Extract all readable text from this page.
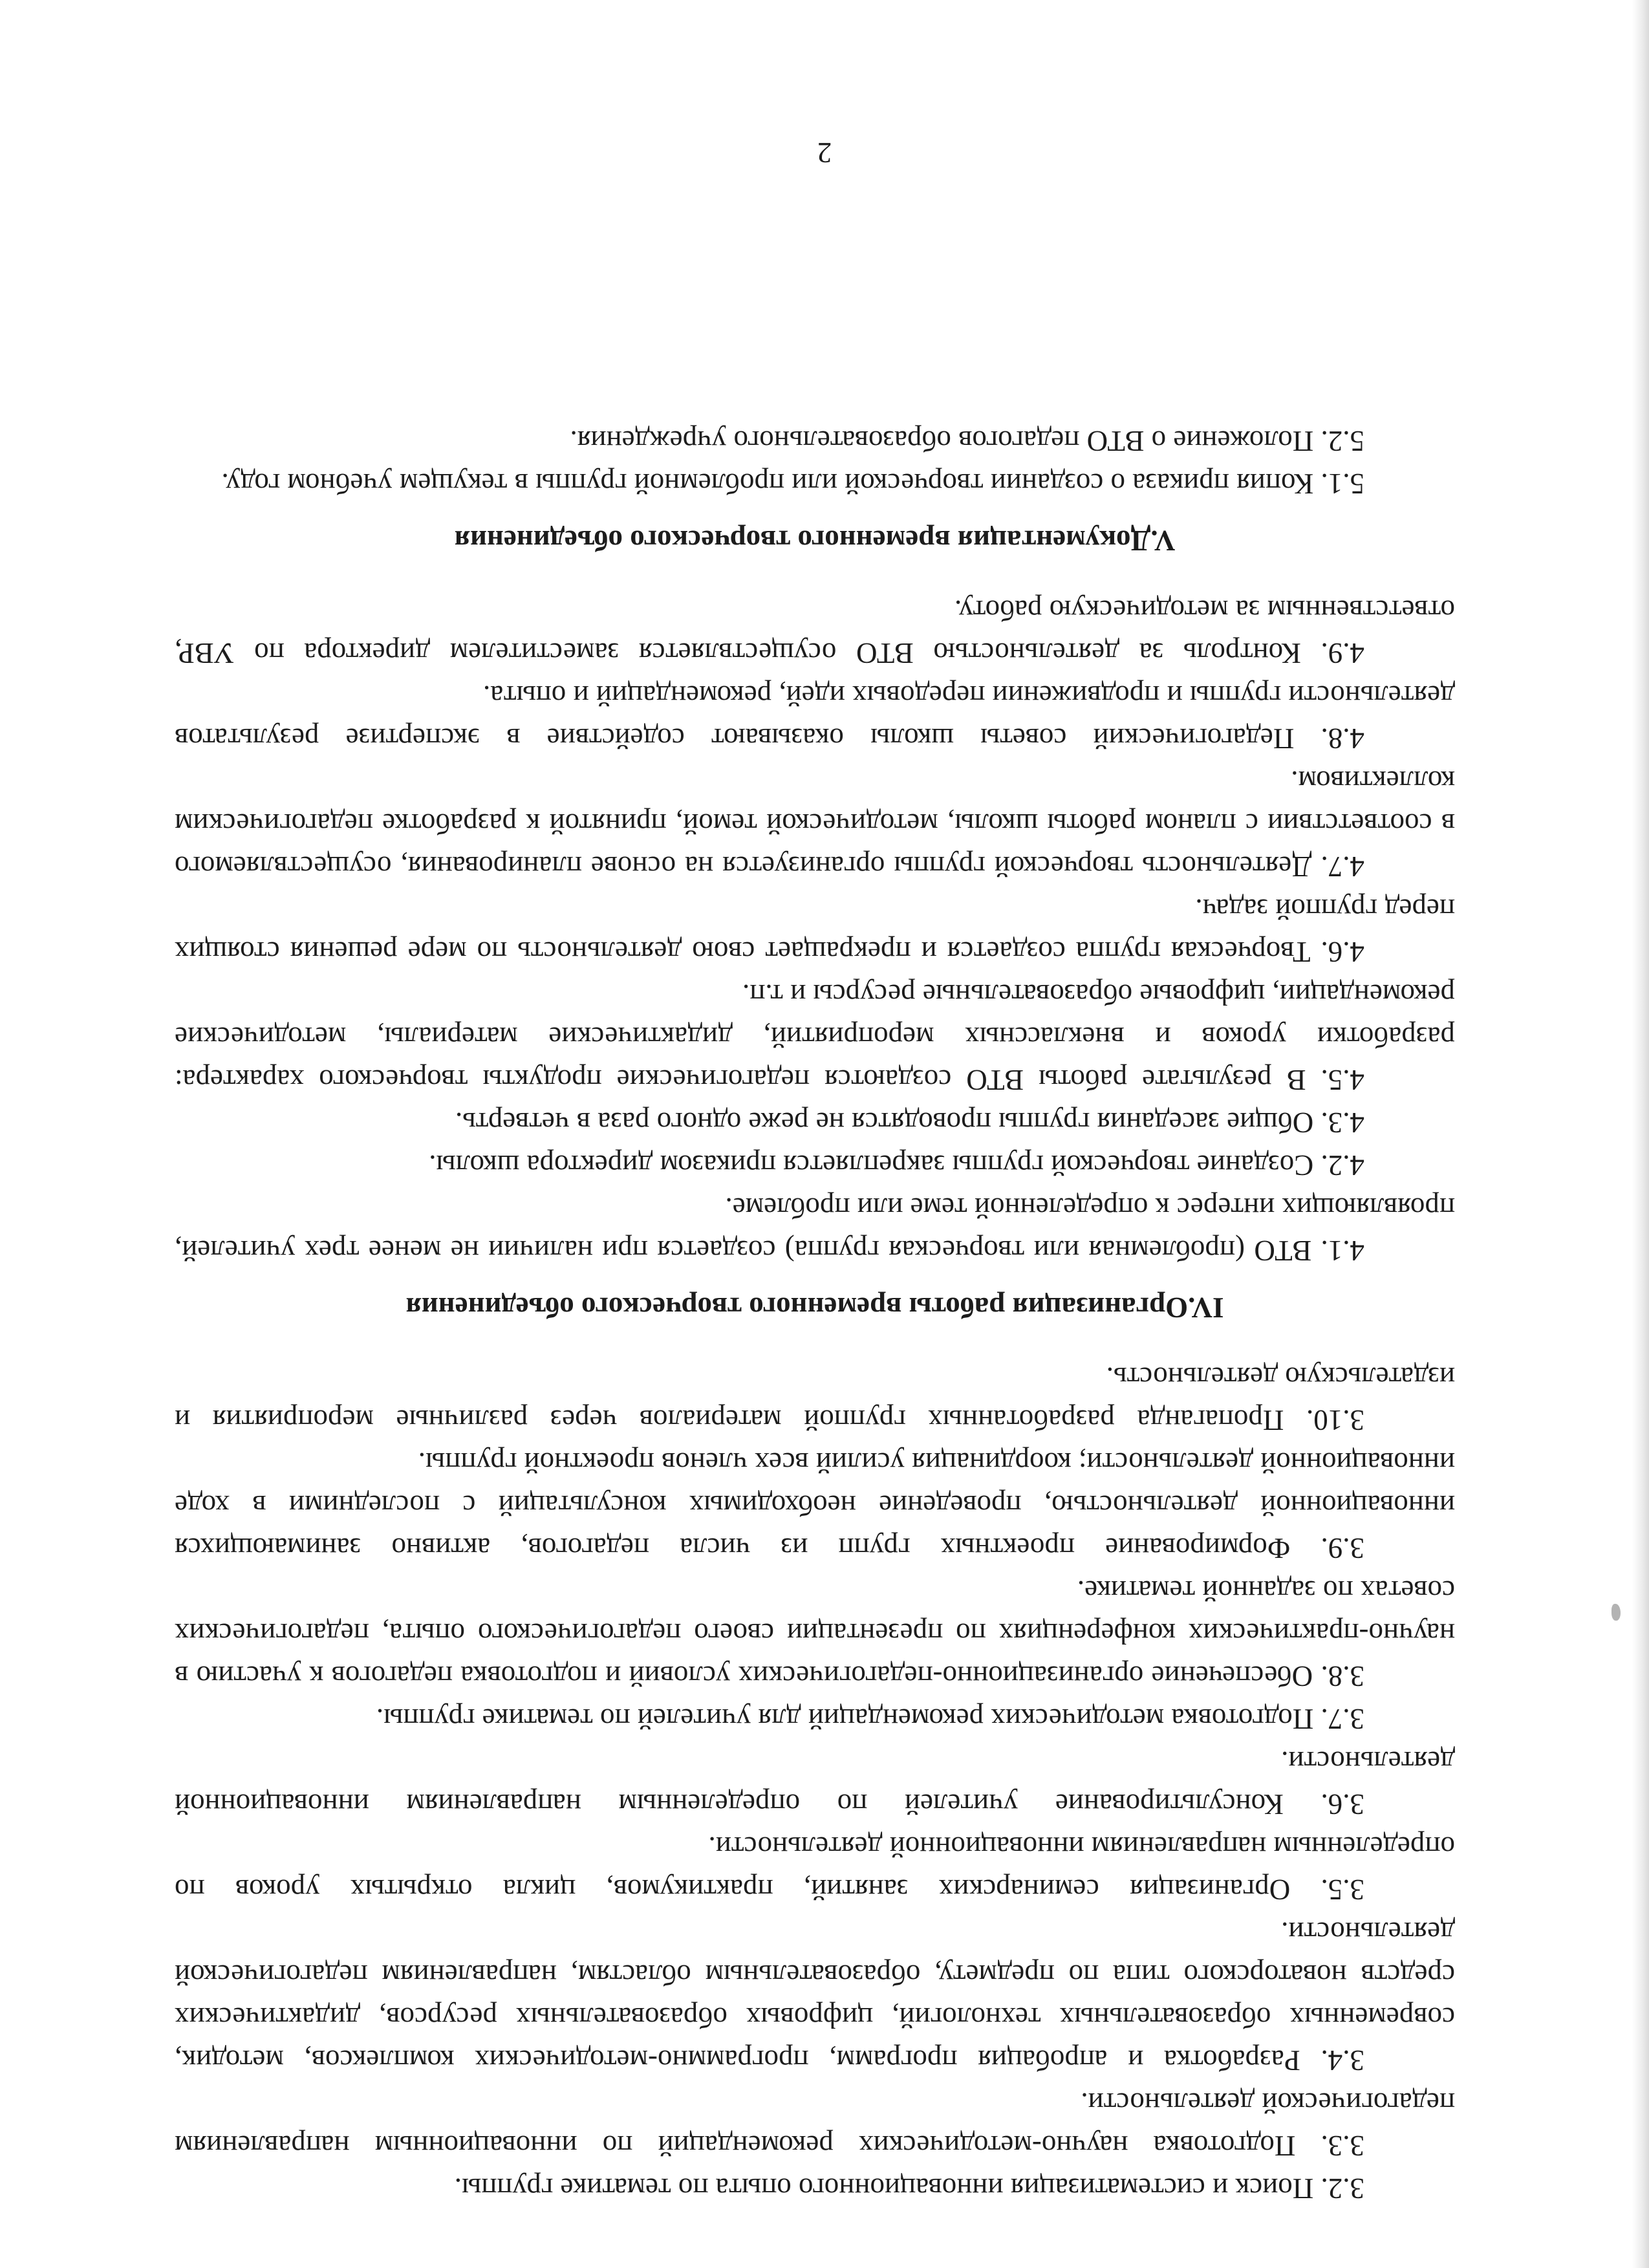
3.2. Поиск и систематизация инновационного опыта по тематике группы.

3.3. Подготовка научно-методических рекомендаций по инновационным направлениям педагогической деятельности.

3.4. Разработка и апробация программ, программно-методических комплексов, методик, современных образовательных технологий, цифровых образовательных ресурсов, дидактических средств новаторского типа по предмету, образовательным областям, направлениям педагогической деятельности.

3.5. Организация семинарских занятий, практикумов, цикла открытых уроков по определенным направлениям инновационной деятельности.

3.6. Консультирование учителей по определенным направлениям инновационной деятельности.

3.7. Подготовка методических рекомендаций для учителей по тематике группы.

3.8. Обеспечение организационно-педагогических условий и подготовка педагогов к участию в научно-практических конференциях по презентации своего педагогического опыта, педагогических советах по заданной тематике.

3.9. Формирование проектных групп из числа педагогов, активно занимающихся инновационной деятельностью, проведение необходимых консультаций с последними в ходе инновационной деятельности; координация усилий всех членов проектной группы.

3.10. Пропаганда разработанных группой материалов через различные мероприятия и издательскую деятельность.

IV.Организация работы временного творческого объединения

4.1. ВТО (проблемная или творческая группа) создается при наличии не менее трех учителей, проявляющих интерес к определенной теме или проблеме.

4.2. Создание творческой группы закрепляется приказом директора школы.

4.3. Общие заседания группы проводятся не реже одного раза в четверть.

4.5. В результате работы ВТО создаются педагогические продукты творческого характера: разработки уроков и внеклассных мероприятий, дидактические материалы, методические рекомендации, цифровые образовательные ресурсы и т.п.

4.6. Творческая группа создается и прекращает свою деятельность по мере решения стоящих перед группой задач.

4.7. Деятельность творческой группы организуется на основе планирования, осуществляемого в соответствии с планом работы школы, методической темой, принятой к разработке педагогическим коллективом.

4.8. Педагогический советы школы оказывают содействие в экспертизе результатов деятельности группы и продвижении передовых идей, рекомендаций и опыта.

4.9. Контроль за деятельностью ВТО осуществляется заместителем директора по УВР, ответственным за методическую работу.

V.Документация временного творческого объединения

5.1. Копия приказа о создании творческой или проблемной группы в текущем учебном году.

5.2. Положение о ВТО педагогов образовательного учреждения.

2
